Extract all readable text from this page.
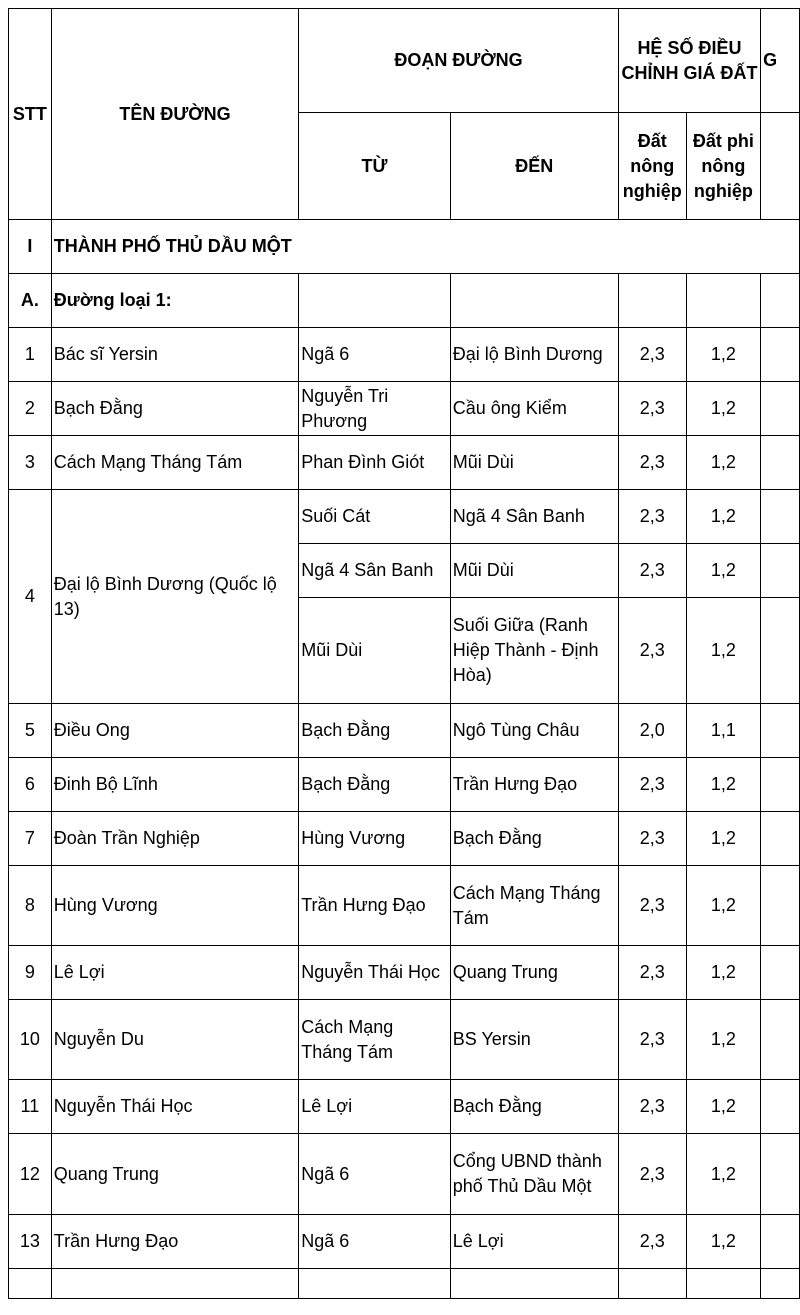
STT	TÊN ĐƯỜNG	ĐOẠN ĐƯỜNG		HỆ SỐ ĐIỀU CHỈNH GIÁ ĐẤT		G
		TỪ	ĐẾN	Đất nông nghiệp	Đất phi nông nghiệp	
I	THÀNH PHỐ THỦ DẦU MỘT					
A.	Đường loại 1:					
1	Bác sĩ Yersin	Ngã 6	Đại lộ Bình Dương	2,3	1,2	
2	Bạch Đằng	Nguyễn Tri Phương	Cầu ông Kiểm	2,3	1,2	
3	Cách Mạng Tháng Tám	Phan Đình Giót	Mũi Dùi	2,3	1,2	
4	Đại lộ Bình Dương (Quốc lộ 13)	Suối Cát	Ngã 4 Sân Banh	2,3	1,2	
		Ngã 4 Sân Banh	Mũi Dùi	2,3	1,2	
		Mũi Dùi	Suối Giữa (Ranh Hiệp Thành - Định Hòa)	2,3	1,2	
5	Điều Ong	Bạch Đằng	Ngô Tùng Châu	2,0	1,1	
6	Đinh Bộ Lĩnh	Bạch Đằng	Trần Hưng Đạo	2,3	1,2	
7	Đoàn Trần Nghiệp	Hùng Vương	Bạch Đằng	2,3	1,2	
8	Hùng Vương	Trần Hưng Đạo	Cách Mạng Tháng Tám	2,3	1,2	
9	Lê Lợi	Nguyễn Thái Học	Quang Trung	2,3	1,2	
10	Nguyễn Du	Cách Mạng Tháng Tám	BS Yersin	2,3	1,2	
11	Nguyễn Thái Học	Lê Lợi	Bạch Đằng	2,3	1,2	
12	Quang Trung	Ngã 6	Cổng UBND thành phố Thủ Dầu Một	2,3	1,2	
13	Trần Hưng Đạo	Ngã 6	Lê Lợi	2,3	1,2	
